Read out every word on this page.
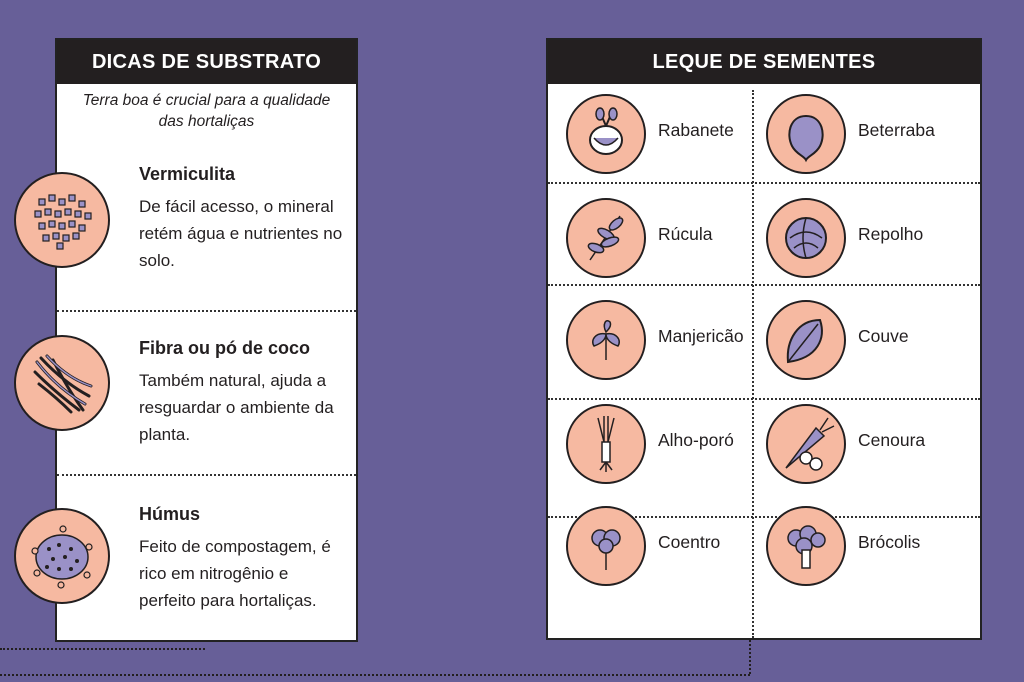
DICAS DE SUBSTRATO
Terra boa é crucial para a qualidade das hortaliças
Vermiculita
De fácil acesso, o mineral retém água e nutrientes no solo.
Fibra ou pó de coco
Também natural, ajuda a resguardar o ambiente da planta.
Húmus
Feito de compostagem, é rico em nitrogênio e perfeito para hortaliças.
LEQUE DE SEMENTES
Rabanete	Beterraba
Rúcula	Repolho
Manjericão	Couve
Alho-poró	Cenoura
Coentro	Brócolis
